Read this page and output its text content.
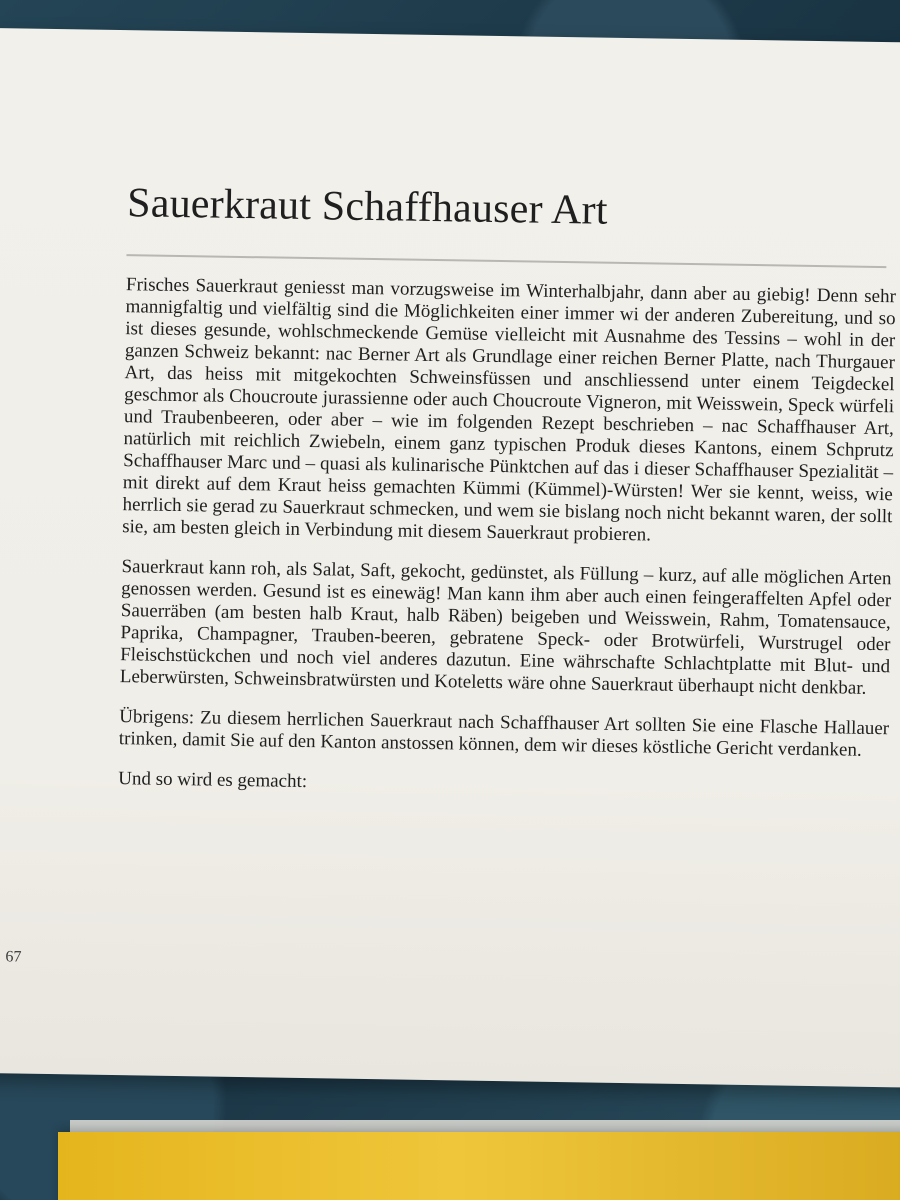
Sauerkraut Schaffhauser Art

Frisches Sauerkraut geniesst man vorzugsweise im Winterhalbjahr, dann aber au giebig! Denn sehr mannigfaltig und vielfältig sind die Möglichkeiten einer immer wi der anderen Zubereitung, und so ist dieses gesunde, wohlschmeckende Gemüse vielleicht mit Ausnahme des Tessins – wohl in der ganzen Schweiz bekannt: nac Berner Art als Grundlage einer reichen Berner Platte, nach Thurgauer Art, das heiss mit mitgekochten Schweinsfüssen und anschliessend unter einem Teigdeckel geschmor als Choucroute jurassienne oder auch Choucroute Vigneron, mit Weisswein, Speck würfeli und Traubenbeeren, oder aber – wie im folgenden Rezept beschrieben – nac Schaffhauser Art, natürlich mit reichlich Zwiebeln, einem ganz typischen Produk dieses Kantons, einem Schprutz Schaffhauser Marc und – quasi als kulinarische Pünktchen auf das i dieser Schaffhauser Spezialität – mit direkt auf dem Kraut heiss gemachten Kümmi (Kümmel)-Würsten! Wer sie kennt, weiss, wie herrlich sie gerad zu Sauerkraut schmecken, und wem sie bislang noch nicht bekannt waren, der sollt sie, am besten gleich in Verbindung mit diesem Sauerkraut probieren.

Sauerkraut kann roh, als Salat, Saft, gekocht, gedünstet, als Füllung – kurz, auf alle möglichen Arten genossen werden. Gesund ist es einewäg! Man kann ihm aber auch einen feingeraffelten Apfel oder Sauerräben (am besten halb Kraut, halb Räben) beigeben und Weisswein, Rahm, Tomatensauce, Paprika, Champagner, Trauben-beeren, gebratene Speck- oder Brotwürfeli, Wurstrugel oder Fleischstückchen und noch viel anderes dazutun. Eine währschafte Schlachtplatte mit Blut- und Leberwürsten, Schweinsbratwürsten und Koteletts wäre ohne Sauerkraut überhaupt nicht denkbar.

Übrigens: Zu diesem herrlichen Sauerkraut nach Schaffhauser Art sollten Sie eine Flasche Hallauer trinken, damit Sie auf den Kanton anstossen können, dem wir dieses köstliche Gericht verdanken.

Und so wird es gemacht:

67
